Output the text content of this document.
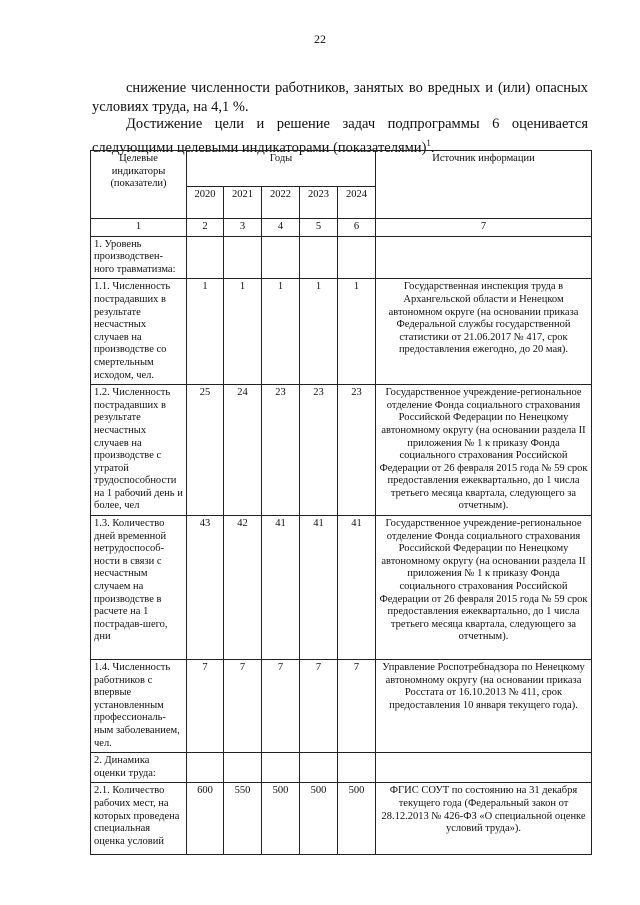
22

снижение численности работников, занятых во вредных и (или) опасных условиях труда, на 4,1 %.

Достижение цели и решение задач подпрограммы 6 оценивается следующими целевыми индикаторами (показателями)$^1$.

Целевые индикаторы (показатели)	Годы					Источник информации
	2020	2021	2022	2023	2024	
1	2	3	4	5	6	7
1. Уровень производствен-ного травматизма:						
1.1. Численность пострадавших в результате несчастных случаев на производстве со смертельным исходом, чел.	1	1	1	1	1	Государственная инспекция труда в Архангельской области и Ненецком автономном округе (на основании приказа Федеральной службы государственной статистики от 21.06.2017 № 417, срок предоставления ежегодно, до 20 мая).
1.2. Численность пострадавших в результате несчастных случаев на производстве с утратой трудоспособности на 1 рабочий день и более, чел	25	24	23	23	23	Государственное учреждение-региональное отделение Фонда социального страхования Российской Федерации по Ненецкому автономному округу (на основании раздела II приложения № 1 к приказу Фонда социального страхования Российской Федерации от 26 февраля 2015 года № 59 срок предоставления ежеквартально, до 1 числа третьего месяца квартала, следующего за отчетным).
1.3. Количество дней временной нетрудоспособ-ности в связи с несчастным случаем на производстве в расчете на 1 пострадав-шего, дни	43	42	41	41	41	Государственное учреждение-региональное отделение Фонда социального страхования Российской Федерации по Ненецкому автономному округу (на основании раздела II приложения № 1 к приказу Фонда социального страхования Российской Федерации от 26 февраля 2015 года № 59 срок предоставления ежеквартально, до 1 числа третьего месяца квартала, следующего за отчетным).
1.4. Численность работников с впервые установленным профессиональ-ным заболеванием, чел.	7	7	7	7	7	Управление Роспотребнадзора по Ненецкому автономному округу (на основании приказа Росстата от 16.10.2013 № 411, срок предоставления 10 января текущего года).
2. Динамика оценки труда:						
2.1. Количество рабочих мест, на которых проведена специальная оценка условий	600	550	500	500	500	ФГИС СОУТ по состоянию на 31 декабря текущего года (Федеральный закон от 28.12.2013 № 426-ФЗ «О специальной оценке условий труда»).
